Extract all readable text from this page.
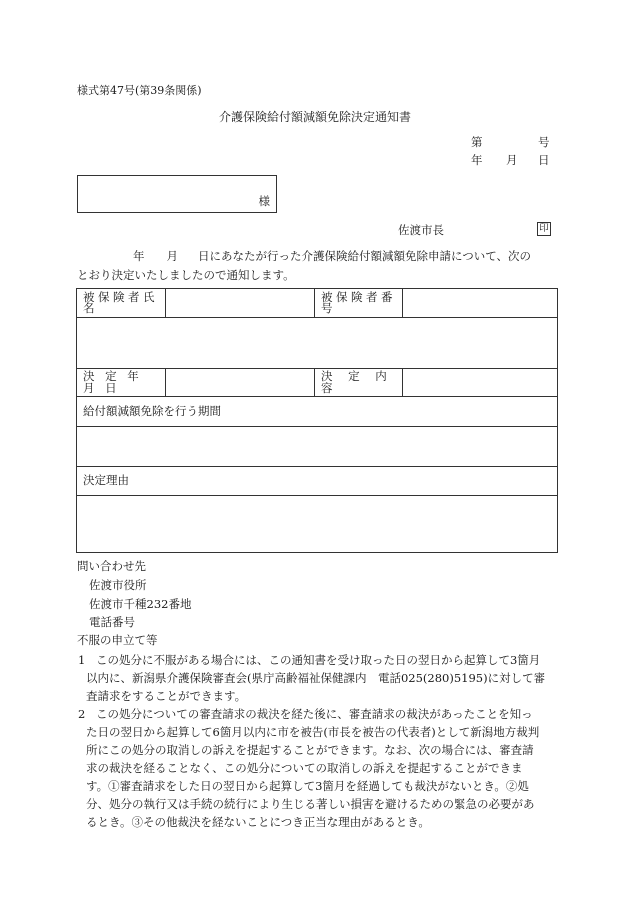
様式第47号(第39条関係)
介護保険給付額減額免除決定通知書
第	号
年 月 日
様
佐渡市長	印
年 月 日にあなたが行った介護保険給付額減額免除申請について、次の
とおり決定いたしましたので通知します。
被保険者氏名		被保険者番号	

決 定 年 月 日		決 定 内 容	
給付額減額免除を行う期間			

決定理由			

問い合わせ先
佐渡市役所
佐渡市千種232番地
電話番号
不服の申立て等
1 この処分に不服がある場合には、この通知書を受け取った日の翌日から起算して3箇月
以内に、新潟県介護保険審査会(県庁高齢福祉保健課内　電話025(280)5195)に対して審
査請求をすることができます。
2 この処分についての審査請求の裁決を経た後に、審査請求の裁決があったことを知っ
た日の翌日から起算して6箇月以内に市を被告(市長を被告の代表者)として新潟地方裁判
所にこの処分の取消しの訴えを提起することができます。なお、次の場合には、審査請
求の裁決を経ることなく、この処分についての取消しの訴えを提起することができま
す。①審査請求をした日の翌日から起算して3箇月を経過しても裁決がないとき。②処
分、処分の執行又は手続の続行により生じる著しい損害を避けるための緊急の必要があ
るとき。③その他裁決を経ないことにつき正当な理由があるとき。
